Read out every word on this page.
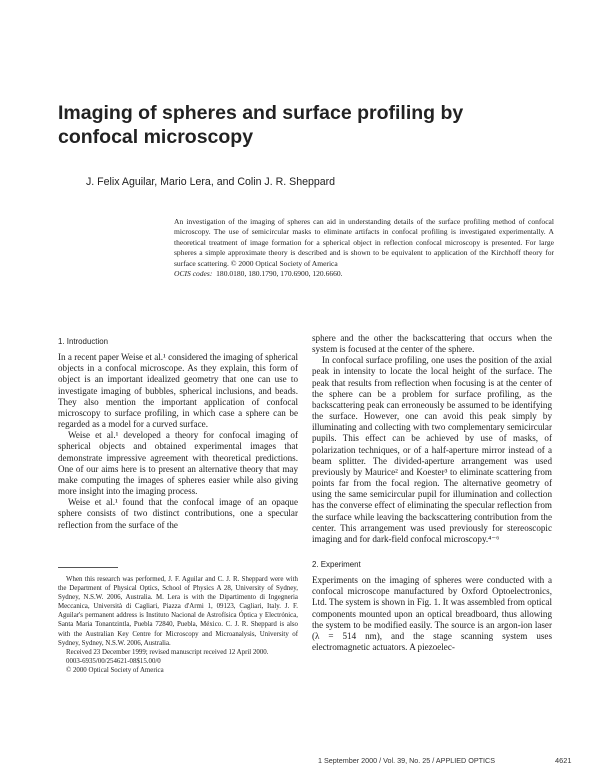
Imaging of spheres and surface profiling by confocal microscopy
J. Felix Aguilar, Mario Lera, and Colin J. R. Sheppard

An investigation of the imaging of spheres can aid in understanding details of the surface profiling method of confocal microscopy. The use of semicircular masks to eliminate artifacts in confocal profiling is investigated experimentally. A theoretical treatment of image formation for a spherical object in reflection confocal microscopy is presented. For large spheres a simple approximate theory is described and is shown to be equivalent to application of the Kirchhoff theory for surface scattering. © 2000 Optical Society of America

OCIS codes: 180.0180, 180.1790, 170.6900, 120.6660.

1. Introduction

In a recent paper Weise et al.¹ considered the imaging of spherical objects in a confocal microscope. As they explain, this form of object is an important idealized geometry that one can use to investigate imaging of bubbles, spherical inclusions, and beads. They also mention the important application of confocal microscopy to surface profiling, in which case a sphere can be regarded as a model for a curved surface.

Weise et al.¹ developed a theory for confocal imaging of spherical objects and obtained experimental images that demonstrate impressive agreement with theoretical predictions. One of our aims here is to present an alternative theory that may make computing the images of spheres easier while also giving more insight into the imaging process.

Weise et al.¹ found that the confocal image of an opaque sphere consists of two distinct contributions, one a specular reflection from the surface of the

When this research was performed, J. F. Aguilar and C. J. R. Sheppard were with the Department of Physical Optics, School of Physics A 28, University of Sydney, Sydney, N.S.W. 2006, Australia. M. Lera is with the Dipartimento di Ingegneria Meccanica, Università di Cagliari, Piazza d'Armi 1, 09123, Cagliari, Italy. J. F. Aguilar's permanent address is Instituto Nacional de Astrofísica Óptica y Electrónica, Santa Maria Tonantzintla, Puebla 72840, Puebla, México. C. J. R. Sheppard is also with the Australian Key Centre for Microscopy and Microanalysis, University of Sydney, Sydney, N.S.W. 2006, Australia.

Received 23 December 1999; revised manuscript received 12 April 2000.

0003-6935/00/254621-08$15.00/0

© 2000 Optical Society of America

sphere and the other the backscattering that occurs when the system is focused at the center of the sphere.

In confocal surface profiling, one uses the position of the axial peak in intensity to locate the local height of the surface. The peak that results from reflection when focusing is at the center of the sphere can be a problem for surface profiling, as the backscattering peak can erroneously be assumed to be identifying the surface. However, one can avoid this peak simply by illuminating and collecting with two complementary semicircular pupils. This effect can be achieved by use of masks, of polarization techniques, or of a half-aperture mirror instead of a beam splitter. The divided-aperture arrangement was used previously by Maurice² and Koester³ to eliminate scattering from points far from the focal region. The alternative geometry of using the same semicircular pupil for illumination and collection has the converse effect of eliminating the specular reflection from the surface while leaving the backscattering contribution from the center. This arrangement was used previously for stereoscopic imaging and for dark-field confocal microscopy.⁴⁻⁶

2. Experiment

Experiments on the imaging of spheres were conducted with a confocal microscope manufactured by Oxford Optoelectronics, Ltd. The system is shown in Fig. 1. It was assembled from optical components mounted upon an optical breadboard, thus allowing the system to be modified easily. The source is an argon-ion laser (λ = 514 nm), and the stage scanning system uses electromagnetic actuators. A piezoelec-

1 September 2000 / Vol. 39, No. 25 / APPLIED OPTICS	4621
